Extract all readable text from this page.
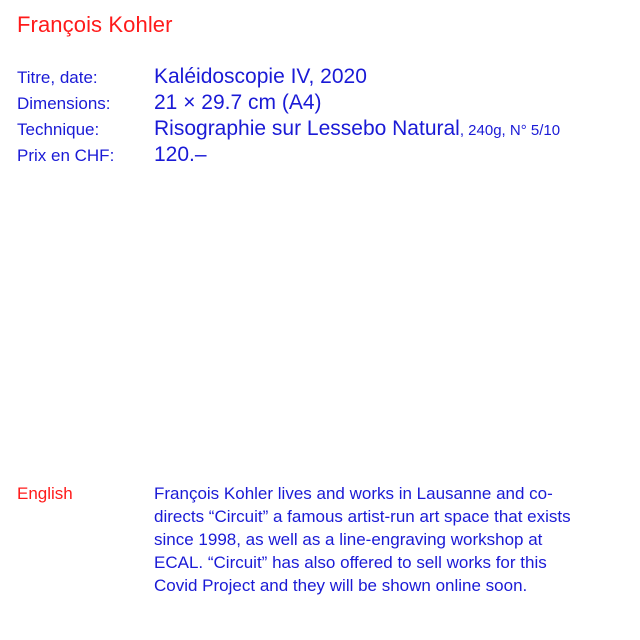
François Kohler
Titre, date:	Kaléidoscopie IV, 2020
Dimensions:	21 × 29.7 cm (A4)
Technique:	Risographie sur Lessebo Natural , 240g, N° 5/10
Prix en CHF:	120.–
English	François Kohler lives and works in Lausanne and co-directs “Circuit” a famous artist-run art space that exists since 1998, as well as a line-engraving workshop at ECAL. “Circuit” has also offered to sell works for this Covid Project and they will be shown online soon.
